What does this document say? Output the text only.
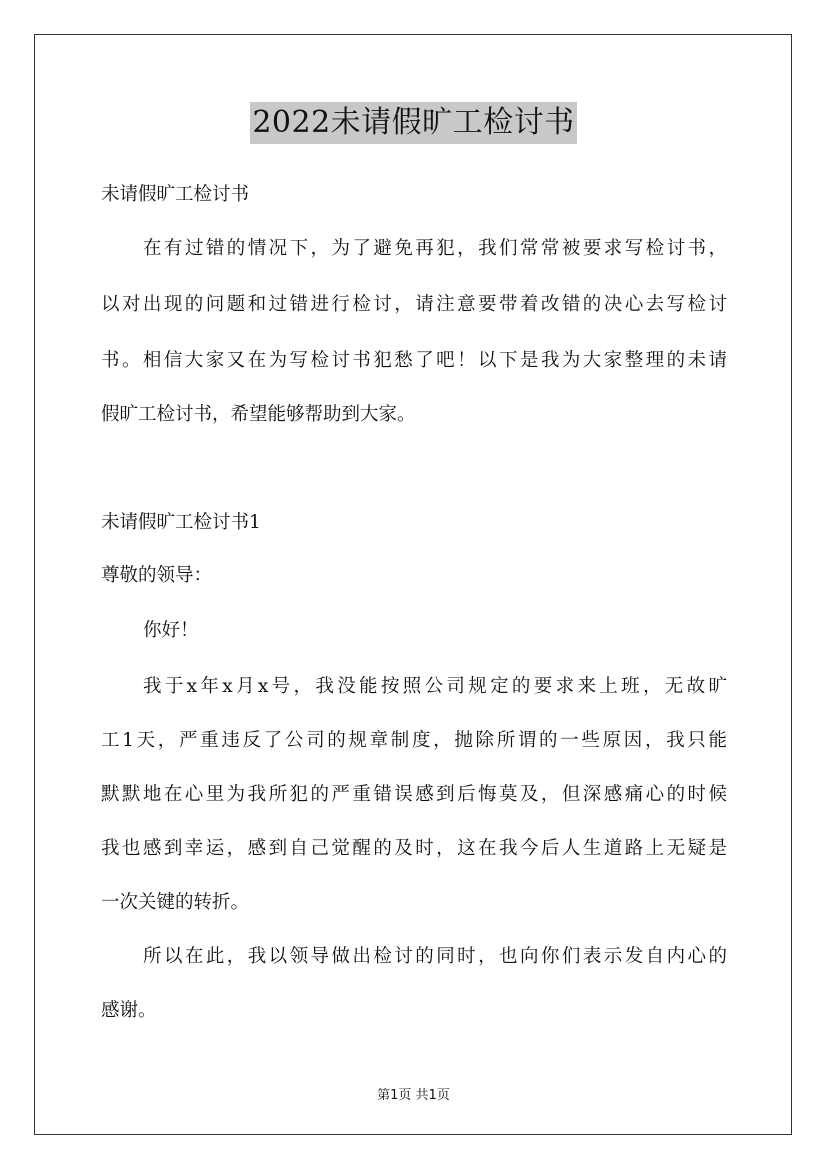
2022未请假旷工检讨书
未请假旷工检讨书
在有过错的情况下，为了避免再犯，我们常常被要求写检讨书，
以对出现的问题和过错进行检讨，请注意要带着改错的决心去写检讨
书。相信大家又在为写检讨书犯愁了吧！以下是我为大家整理的未请
假旷工检讨书，希望能够帮助到大家。
未请假旷工检讨书1
尊敬的领导：
你好！
我于x年x月x号，我没能按照公司规定的要求来上班，无故旷
工1天，严重违反了公司的规章制度，抛除所谓的一些原因，我只能
默默地在心里为我所犯的严重错误感到后悔莫及，但深感痛心的时候
我也感到幸运，感到自己觉醒的及时，这在我今后人生道路上无疑是
一次关键的转折。
所以在此，我以领导做出检讨的同时，也向你们表示发自内心的
感谢。
第1页 共1页
